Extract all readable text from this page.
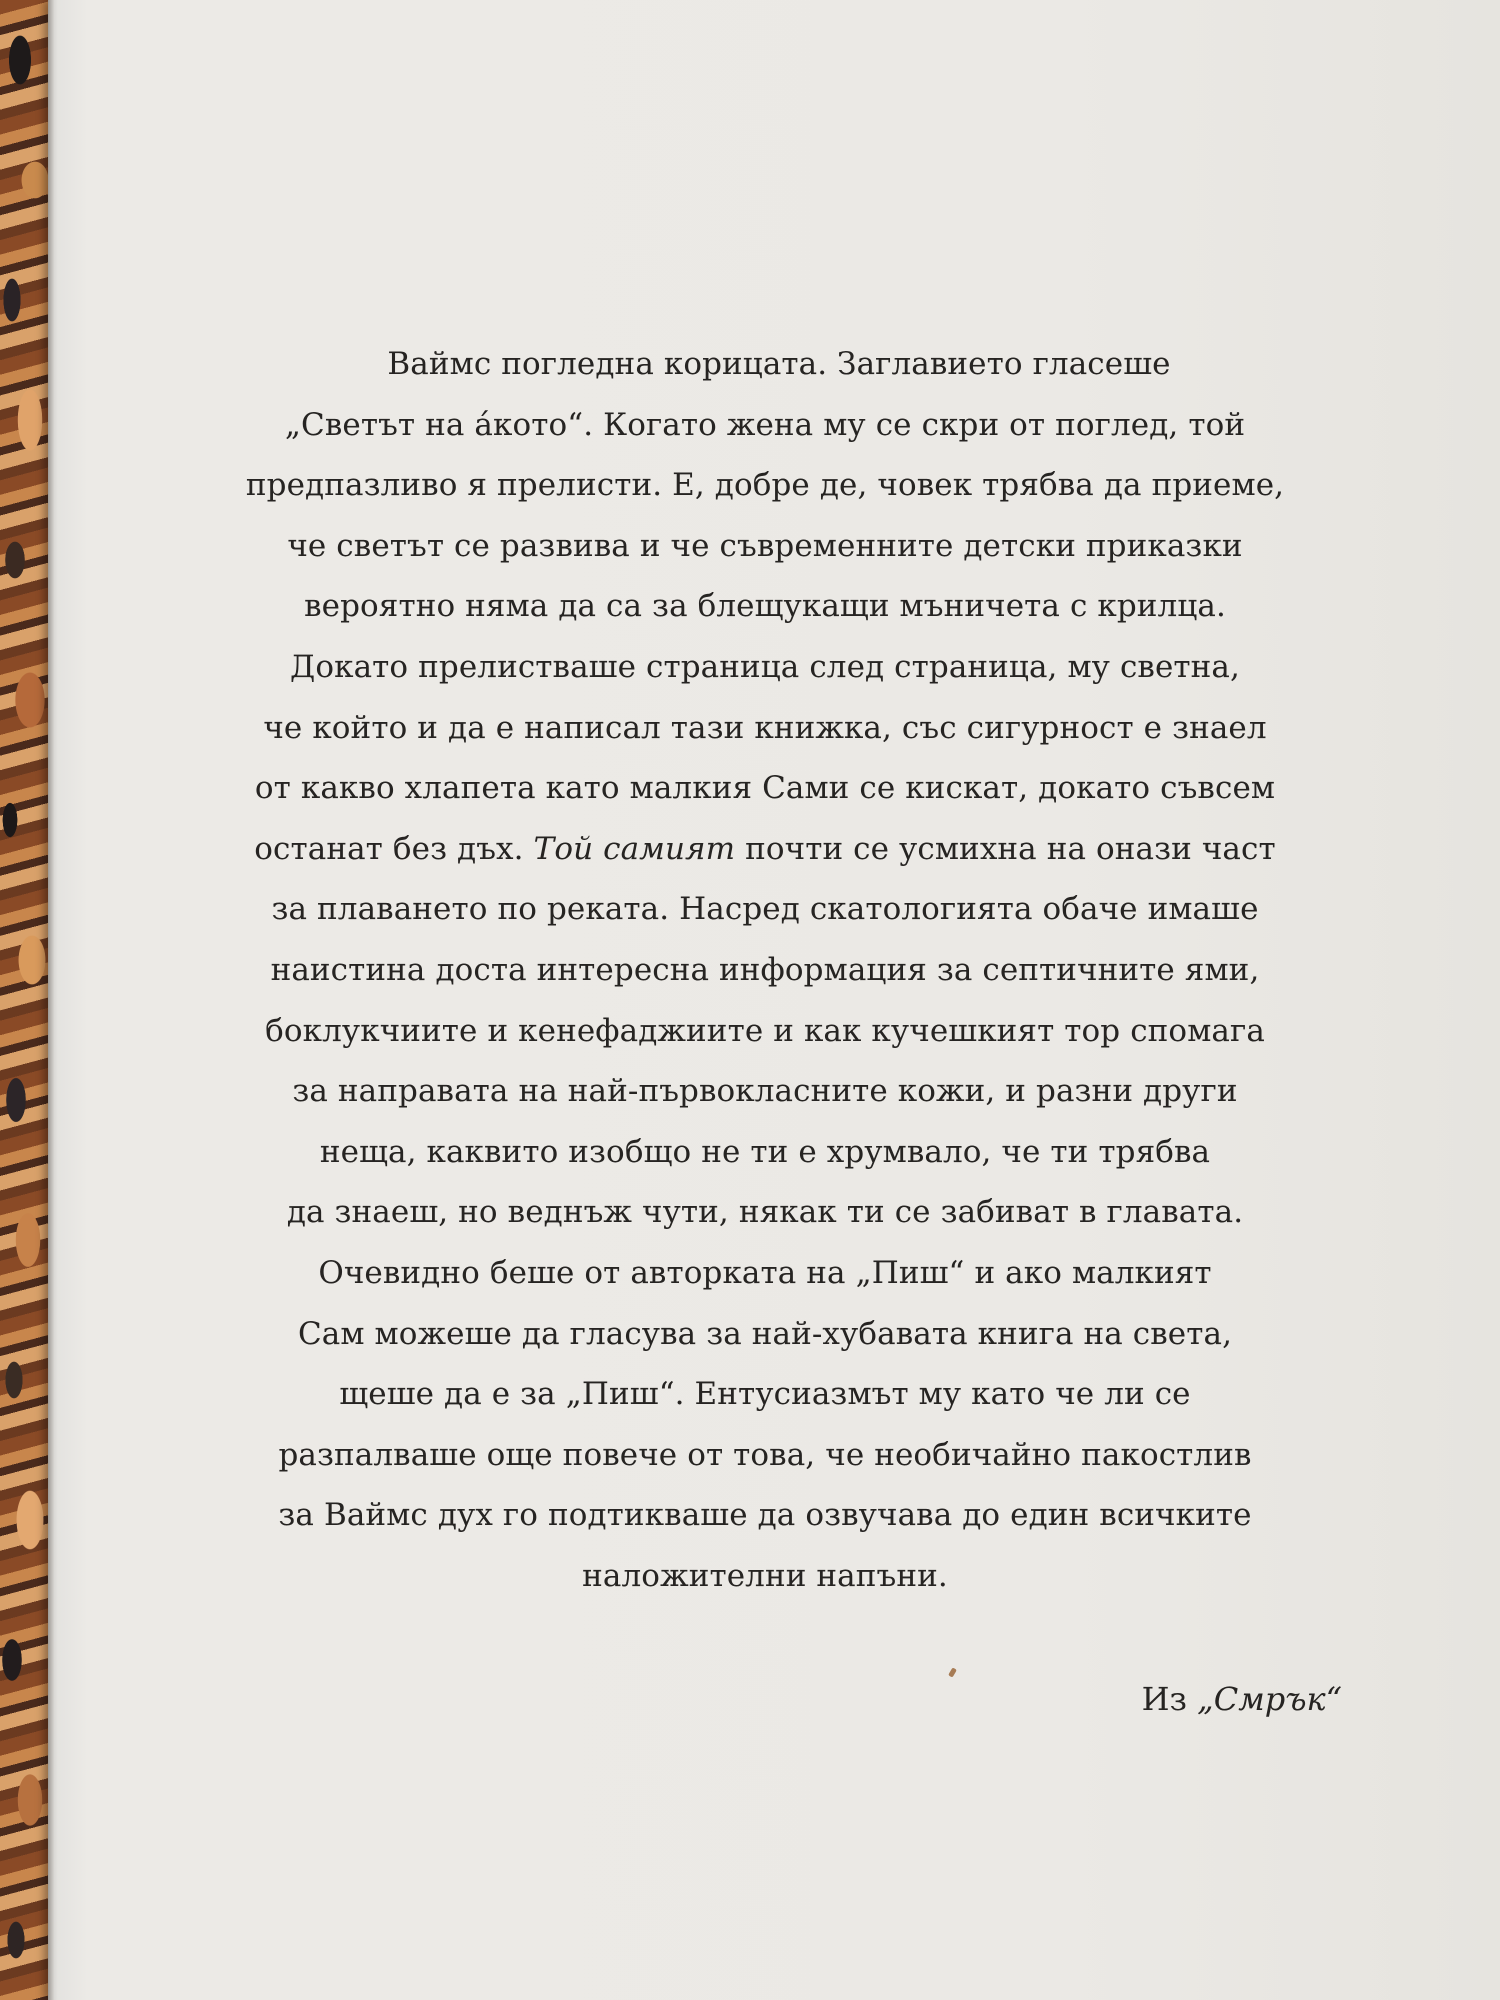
Ваймс погледна корицата. Заглавието гласеше
„Светът на áкото“. Когато жена му се скри от поглед, той
предпазливо я прелисти. Е, добре де, човек трябва да приеме,
че светът се развива и че съвременните детски приказки
вероятно няма да са за блещукащи мъничета с крилца.
Докато прелистваше страница след страница, му светна,
че който и да е написал тази книжка, със сигурност е знаел
от какво хлапета като малкия Сами се кискат, докато съвсем
останат без дъх. Той самият почти се усмихна на онази част
за плаването по реката. Насред скатологията обаче имаше
наистина доста интересна информация за септичните ями,
боклукчиите и кенефаджиите и как кучешкият тор спомага
за направата на най-първокласните кожи, и разни други
неща, каквито изобщо не ти е хрумвало, че ти трябва
да знаеш, но веднъж чути, някак ти се забиват в главата.
Очевидно беше от авторката на „Пиш“ и ако малкият
Сам можеше да гласува за най-хубавата книга на света,
щеше да е за „Пиш“. Ентусиазмът му като че ли се
разпалваше още повече от това, че необичайно пакостлив
за Ваймс дух го подтикваше да озвучава до един всичките
наложителни напъни.
Из „Смрък“
